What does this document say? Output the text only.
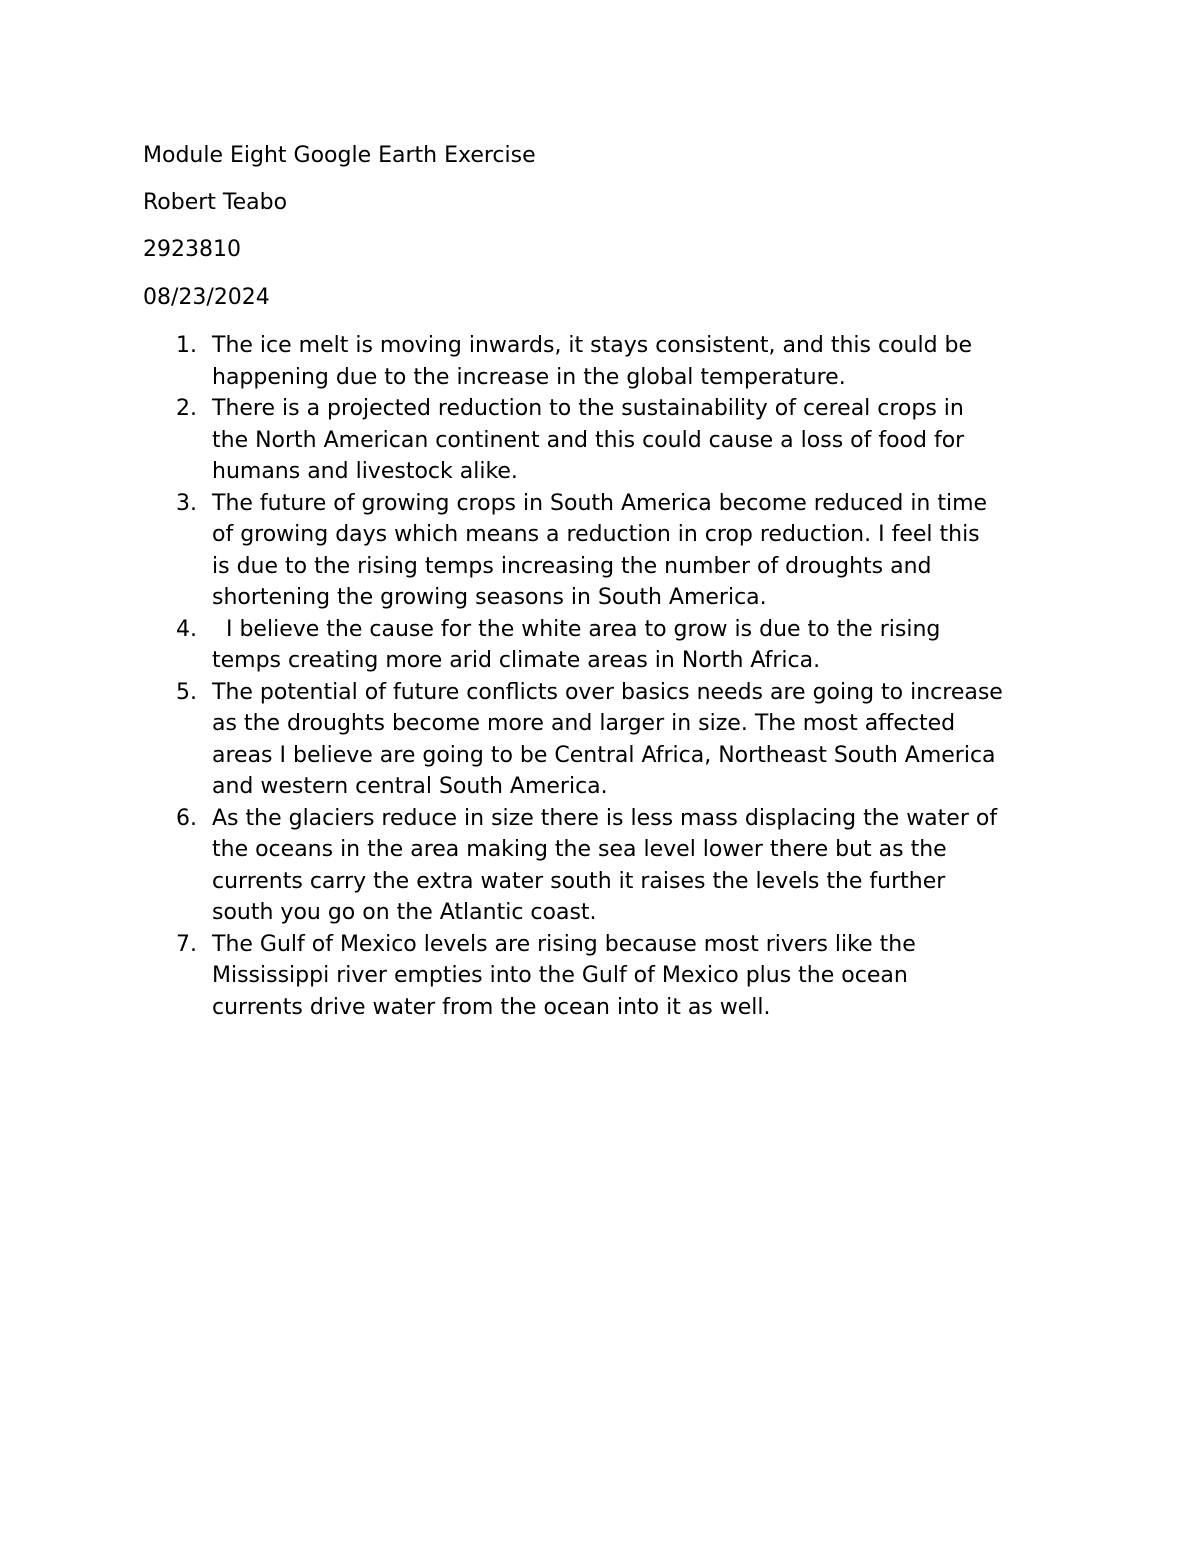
Module Eight Google Earth Exercise
Robert Teabo
2923810
08/23/2024
1. The ice melt is moving inwards, it stays consistent, and this could be
happening due to the increase in the global temperature.
2. There is a projected reduction to the sustainability of cereal crops in
the North American continent and this could cause a loss of food for
humans and livestock alike.
3. The future of growing crops in South America become reduced in time
of growing days which means a reduction in crop reduction. I feel this
is due to the rising temps increasing the number of droughts and
shortening the growing seasons in South America.
4. I believe the cause for the white area to grow is due to the rising
temps creating more arid climate areas in North Africa.
5. The potential of future conflicts over basics needs are going to increase
as the droughts become more and larger in size. The most affected
areas I believe are going to be Central Africa, Northeast South America
and western central South America.
6. As the glaciers reduce in size there is less mass displacing the water of
the oceans in the area making the sea level lower there but as the
currents carry the extra water south it raises the levels the further
south you go on the Atlantic coast.
7. The Gulf of Mexico levels are rising because most rivers like the
Mississippi river empties into the Gulf of Mexico plus the ocean
currents drive water from the ocean into it as well.
